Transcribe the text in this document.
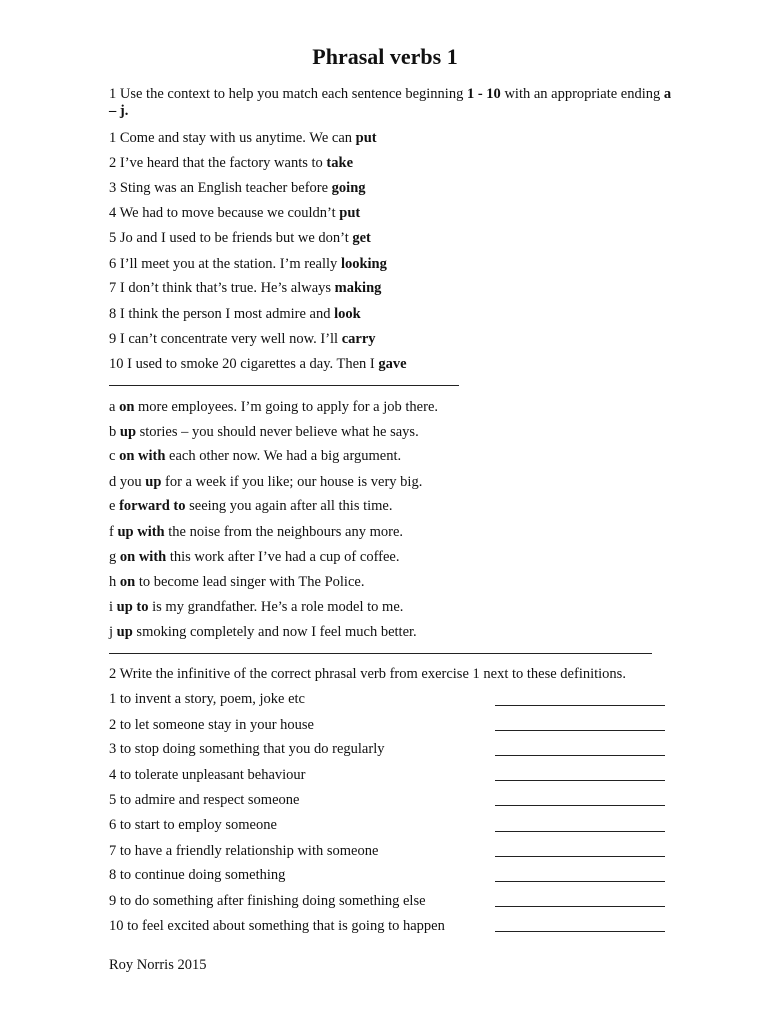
Phrasal verbs 1

1 Use the context to help you match each sentence beginning 1 - 10 with an appropriate ending a – j.

1 Come and stay with us anytime. We can put
2 I’ve heard that the factory wants to take
3 Sting was an English teacher before going
4 We had to move because we couldn’t put
5 Jo and I used to be friends but we don’t get
6 I’ll meet you at the station. I’m really looking
7 I don’t think that’s true. He’s always making
8 I think the person I most admire and look
9 I can’t concentrate very well now. I’ll carry
10 I used to smoke 20 cigarettes a day. Then I gave
a on more employees. I’m going to apply for a job there.
b up stories – you should never believe what he says.
c on with each other now. We had a big argument.
d you up for a week if you like; our house is very big.
e forward to seeing you again after all this time.
f up with the noise from the neighbours any more.
g on with this work after I’ve had a cup of coffee.
h on to become lead singer with The Police.
i up to is my grandfather. He’s a role model to me.
j up smoking completely and now I feel much better.
2 Write the infinitive of the correct phrasal verb from exercise 1 next to these definitions.
1 to invent a story, poem, joke etc
2 to let someone stay in your house
3 to stop doing something that you do regularly
4 to tolerate unpleasant behaviour
5 to admire and respect someone
6 to start to employ someone
7 to have a friendly relationship with someone
8 to continue doing something
9 to do something after finishing doing something else
10 to feel excited about something that is going to happen
Roy Norris 2015
